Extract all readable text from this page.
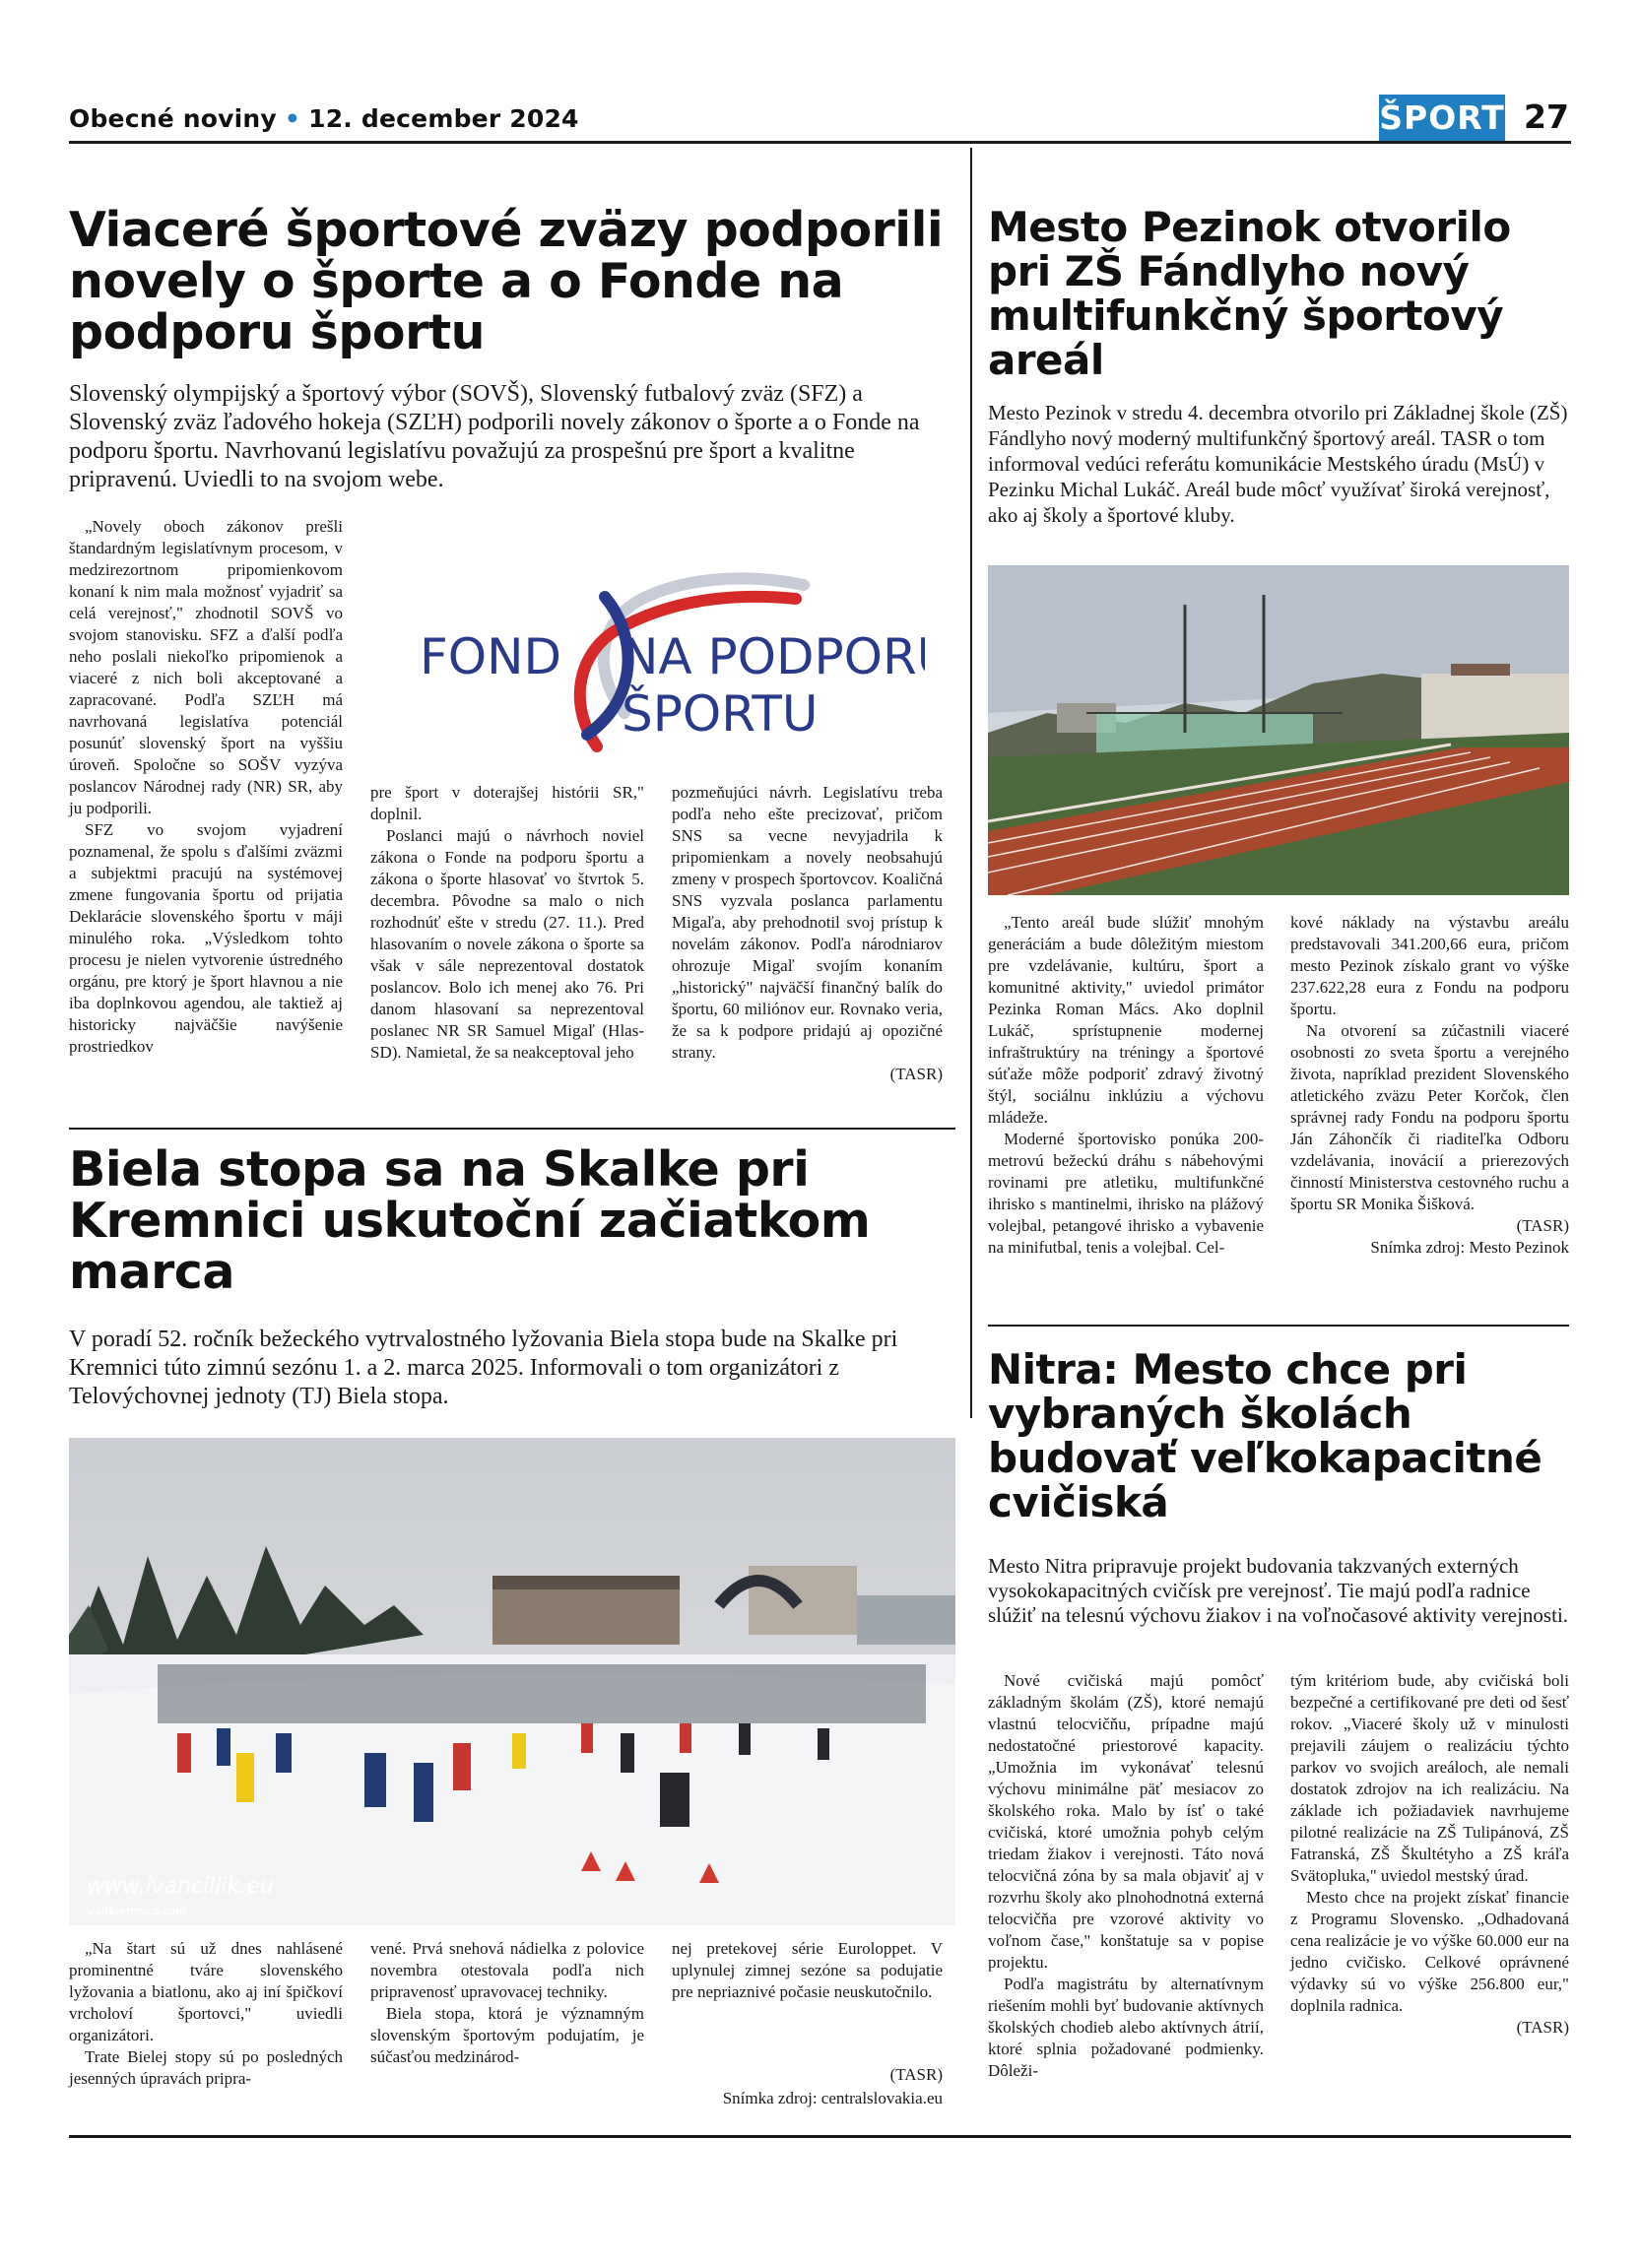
Obecné noviny • 12. december 2024	ŠPORT 27
Viaceré športové zväzy podporili novely o športe a o Fonde na podporu športu
Slovenský olympijský a športový výbor (SOVŠ), Slovenský futbalový zväz (SFZ) a Slovenský zväz ľadového hokeja (SZĽH) podporili novely zákonov o športe a o Fonde na podporu športu. Navrhovanú legislatívu považujú za prospešnú pre šport a kvalitne pripravenú. Uviedli to na svojom webe.
FOND NA PODPORU
ŠPORTU

„Novely oboch zákonov prešli štandardným legislatívnym procesom, v medzirezortnom pripomienkovom konaní k nim mala možnosť vyjadriť sa celá verejnosť," zhodnotil SOVŠ vo svojom stanovisku. SFZ a ďalší podľa neho poslali niekoľko pripomienok a viaceré z nich boli akceptované a zapracované. Podľa SZĽH má navrhovaná legislatíva potenciál posunúť slovenský šport na vyššiu úroveň. Spoločne so SOŠV vyzýva poslancov Národnej rady (NR) SR, aby ju podporili.

SFZ vo svojom vyjadrení poznamenal, že spolu s ďalšími zväzmi a subjektmi pracujú na systémovej zmene fungovania športu od prijatia Deklarácie slovenského športu v máji minulého roka. „Výsledkom tohto procesu je nielen vytvorenie ústredného orgánu, pre ktorý je šport hlavnou a nie iba doplnkovou agendou, ale taktiež aj historicky najväčšie navýšenie prostriedkov

pre šport v doterajšej histórii SR," doplnil.

Poslanci majú o návrhoch noviel zákona o Fonde na podporu športu a zákona o športe hlasovať vo štvrtok 5. decembra. Pôvodne sa malo o nich rozhodnúť ešte v stredu (27. 11.). Pred hlasovaním o novele zákona o športe sa však v sále neprezentoval dostatok poslancov. Bolo ich menej ako 76. Pri danom hlasovaní sa neprezentoval poslanec NR SR Samuel Migaľ (Hlas-SD). Namietal, že sa neakceptoval jeho

pozmeňujúci návrh. Legislatívu treba podľa neho ešte precizovať, pričom SNS sa vecne nevyjadrila k pripomienkam a novely neobsahujú zmeny v prospech športovcov. Koaličná SNS vyzvala poslanca parlamentu Migaľa, aby prehodnotil svoj prístup k novelám zákonov. Podľa národniarov ohrozuje Migaľ svojím konaním „historický" najväčší finančný balík do športu, 60 miliónov eur. Rovnako veria, že sa k podpore pridajú aj opozičné strany.

(TASR)

Biela stopa sa na Skalke pri Kremnici uskutoční začiatkom marca
V poradí 52. ročník bežeckého vytrvalostného lyžovania Biela stopa bude na Skalke pri Kremnici túto zimnú sezónu 1. a 2. marca 2025. Informovali o tom organizátori z Telovýchovnej jednoty (TJ) Biela stopa.
www.ivancillik.eu
visitkremnica.com

„Na štart sú už dnes nahlásené prominentné tváre slovenského lyžovania a biatlonu, ako aj iní špičkoví vrcholoví športovci," uviedli organizátori.

Trate Bielej stopy sú po posledných jesenných úpravách pripra-

vené. Prvá snehová nádielka z polovice novembra otestovala podľa nich pripravenosť upravovacej techniky.

Biela stopa, ktorá je významným slovenským športovým podujatím, je súčasťou medzinárod-

nej pretekovej série Euroloppet. V uplynulej zimnej sezóne sa podujatie pre nepriaznivé počasie neuskutočnilo.

(TASR)
Snímka zdroj: centralslovakia.eu
Mesto Pezinok otvorilo pri ZŠ Fándlyho nový multifunkčný športový areál
Mesto Pezinok v stredu 4. decembra otvorilo pri Základnej škole (ZŠ) Fándlyho nový moderný multifunkčný športový areál. TASR o tom informoval vedúci referátu komunikácie Mestského úradu (MsÚ) v Pezinku Michal Lukáč. Areál bude môcť využívať široká verejnosť, ako aj školy a športové kluby.

„Tento areál bude slúžiť mnohým generáciám a bude dôležitým miestom pre vzdelávanie, kultúru, šport a komunitné aktivity," uviedol primátor Pezinka Roman Mács. Ako doplnil Lukáč, sprístupnenie modernej infraštruktúry na tréningy a športové súťaže môže podporiť zdravý životný štýl, sociálnu inklúziu a výchovu mládeže.

Moderné športovisko ponúka 200-metrovú bežeckú dráhu s nábehovými rovinami pre atletiku, multifunkčné ihrisko s mantinelmi, ihrisko na plážový volejbal, petangové ihrisko a vybavenie na minifutbal, tenis a volejbal. Cel-

kové náklady na výstavbu areálu predstavovali 341.200,66 eura, pričom mesto Pezinok získalo grant vo výške 237.622,28 eura z Fondu na podporu športu.

Na otvorení sa zúčastnili viaceré osobnosti zo sveta športu a verejného života, napríklad prezident Slovenského atletického zväzu Peter Korčok, člen správnej rady Fondu na podporu športu Ján Záhončík či riaditeľka Odboru vzdelávania, inovácií a prierezových činností Ministerstva cestovného ruchu a športu SR Monika Šišková.

(TASR)

Snímka zdroj: Mesto Pezinok

Nitra: Mesto chce pri vybraných školách budovať veľkokapacitné cvičiská
Mesto Nitra pripravuje projekt budovania takzvaných externých vysokokapacitných cvičísk pre verejnosť. Tie majú podľa radnice slúžiť na telesnú výchovu žiakov i na voľnočasové aktivity verejnosti.

Nové cvičiská majú pomôcť základným školám (ZŠ), ktoré nemajú vlastnú telocvičňu, prípadne majú nedostatočné priestorové kapacity. „Umožnia im vykonávať telesnú výchovu minimálne päť mesiacov zo školského roka. Malo by ísť o také cvičiská, ktoré umožnia pohyb celým triedam žiakov i verejnosti. Táto nová telocvičná zóna by sa mala objaviť aj v rozvrhu školy ako plnohodnotná externá telocvičňa pre vzorové aktivity vo voľnom čase," konštatuje sa v popise projektu.

Podľa magistrátu by alternatívnym riešením mohli byť budovanie aktívnych školských chodieb alebo aktívnych átrií, ktoré splnia požadované podmienky. Dôleži-

tým kritériom bude, aby cvičiská boli bezpečné a certifikované pre deti od šesť rokov. „Viaceré školy už v minulosti prejavili záujem o realizáciu týchto parkov vo svojich areáloch, ale nemali dostatok zdrojov na ich realizáciu. Na základe ich požiadaviek navrhujeme pilotné realizácie na ZŠ Tulipánová, ZŠ Fatranská, ZŠ Škultétyho a ZŠ kráľa Svätopluka," uviedol mestský úrad.

Mesto chce na projekt získať financie z Programu Slovensko. „Odhadovaná cena realizácie je vo výške 60.000 eur na jedno cvičisko. Celkové oprávnené výdavky sú vo výške 256.800 eur," doplnila radnica.

(TASR)
